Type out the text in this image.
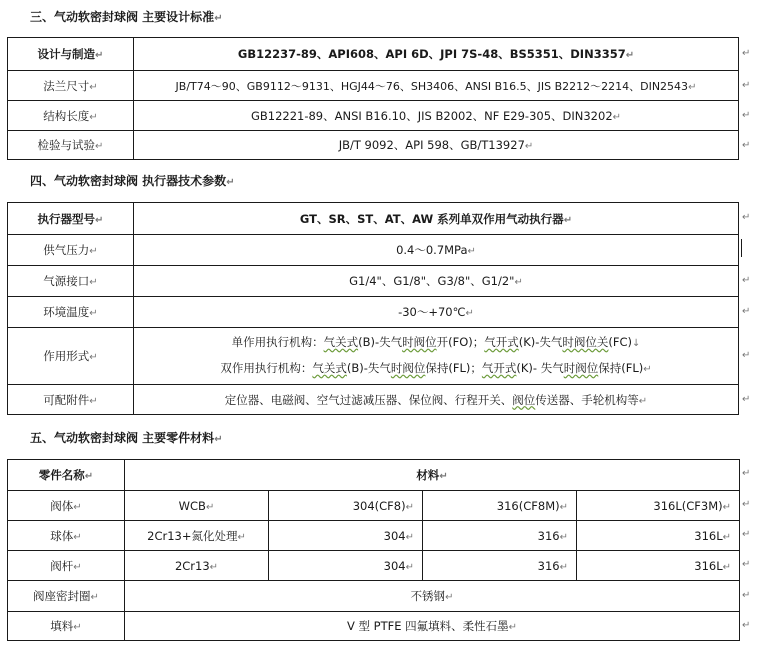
三、气动软密封球阀 主要设计标准↵
设计与制造↵	GB12237-89、API608、API 6D、JPI 7S-48、BS5351、DIN3357↵
法兰尺寸↵	JB/T74～90、GB9112～9131、HGJ44～76、SH3406、ANSI B16.5、JIS B2212～2214、DIN2543↵
结构长度↵	GB12221-89、ANSI B16.10、JIS B2002、NF E29-305、DIN3202↵
检验与试验↵	JB/T 9092、API 598、GB/T13927↵
四、气动软密封球阀 执行器技术参数↵
执行器型号↵	GT、SR、ST、AT、AW 系列单双作用气动执行器↵
供气压力↵	0.4～0.7MPa↵
气源接口↵	G1/4"、G1/8"、G3/8"、G1/2"↵
环境温度↵	-30～+70℃↵
作用形式↵	单作用执行机构：气关式(B)-失气时阀位开(FO)；气开式(K)-失气时阀位关(FC)↓
双作用执行机构：气关式(B)-失气时阀位保持(FL)；气开式(K)- 失气时阀位保持(FL)↵

可配附件↵	定位器、电磁阀、空气过滤减压器、保位阀、行程开关、阀位传送器、手轮机构等↵
五、气动软密封球阀 主要零件材料↵
零件名称↵	材料↵			
阀体↵	WCB↵	304(CF8)↵	316(CF8M)↵	316L(CF3M)↵
球体↵	2Cr13+氮化处理↵	304↵	316↵	316L↵
阀杆↵	2Cr13↵	304↵	316↵	316L↵
阀座密封圈↵	不锈钢↵			
填料↵	V 型 PTFE 四氟填料、柔性石墨↵			
↵
↵
↵
↵
↵
↵
↵
↵
↵
↵
↵
↵
↵
↵
↵
